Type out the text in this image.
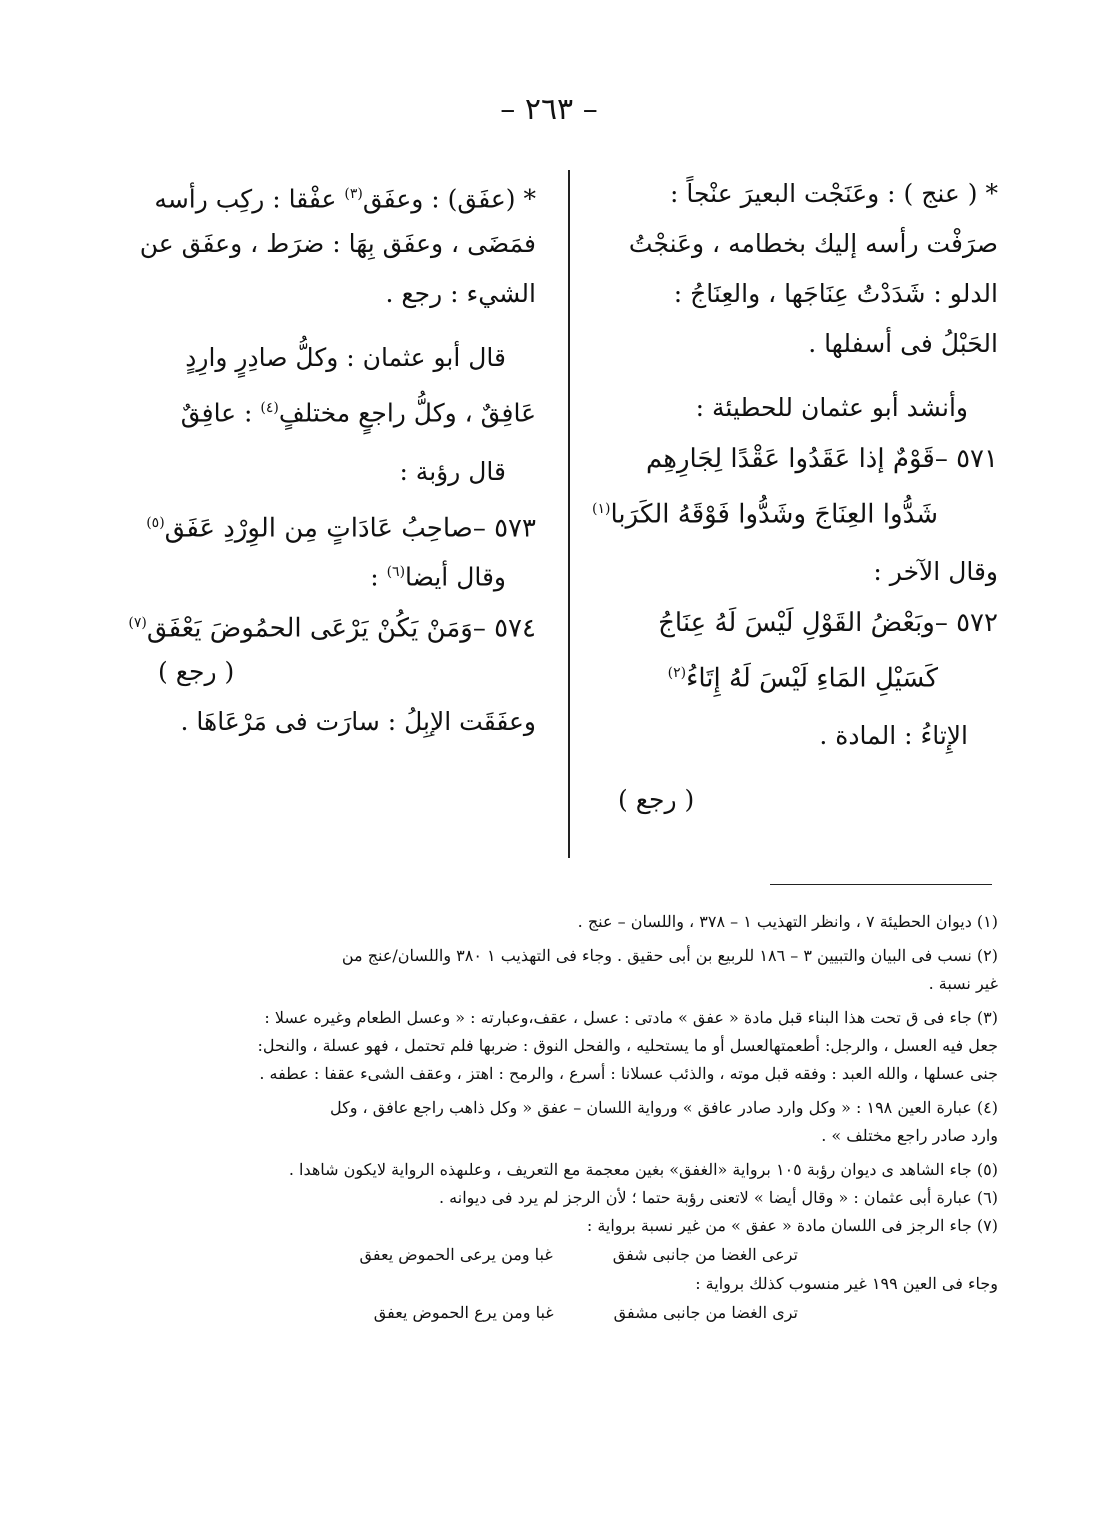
– ٢٦٣ –
* ( عنج ) : وعَنَجْت البعيرَ عنْجاً :
صرَفْت رأسه إليك بخطامه ، وعَنجْتُ
الدلو : شَدَدْتُ عِنَاجَها ، والعِنَاجُ :
الحَبْلُ فى أسفلها .
وأنشد أبو عثمان للحطيئة :
٥٧١ –قَوْمٌ إذا عَقَدُوا عَقْدًا لِجَارِهِم
شَدُّوا العِنَاجَ وشَدُّوا فَوْقَهُ الكَرَبا$^{(١)}$
وقال الآخر :
٥٧٢ –وبَعْضُ القَوْلِ لَيْسَ لَهُ عِنَاجُ
كَسَيْلِ المَاءِ لَيْسَ لَهُ إِتَاءُ$^{(٢)}$
الإِتاءُ : المادة .
( رجع )
* (عفَق) : وعفَق$^{(٣)}$ عفْقا : ركِب رأسه
فمَضَى ، وعفَق بِهَا : ضرَط ، وعفَق عن
الشيء : رجع .
قال أبو عثمان : وكلُّ صادِرٍ وارِدٍ
عَافِقٌ ، وكلُّ راجعٍ مختلفٍ$^{(٤)}$ : عافِقٌ
قال رؤبة :
٥٧٣ –صاحِبُ عَادَاتٍ مِن الوِرْدِ عَفَق$^{(٥)}$
وقال أيضا$^{(٦)}$ :
٥٧٤ –وَمَنْ يَكُنْ يَرْعَى الحمُوضَ يَعْفَق$^{(٧)}$
( رجع )
وعفَقَت الإبِلُ : سارَت فى مَرْعَاهَا .
(١) ديوان الحطيئة ٧ ، وانظر التهذيب ١ – ٣٧٨ ، واللسان – عنج .
(٢) نسب فى البيان والتبيين ٣ – ١٨٦ للربيع بن أبى حقيق . وجاء فى التهذيب ١ ٣٨٠ واللسان/عنج من
غير نسبة .
(٣) جاء فى ق تحت هذا البناء قبل مادة « عفق » مادتى : عسل ، عقف،وعبارته : « وعسل الطعام وغيره عسلا :
جعل فيه العسل ، والرجل: أطعمتهالعسل أو ما يستحليه ، والفحل النوق : ضربها فلم تحتمل ، فهو عسلة ، والنحل:
جنى عسلها ، والله العبد : وفقه قبل موته ، والذئب عسلانا : أسرع ، والرمح : اهتز ، وعقف الشىء عقفا : عطفه .
(٤) عبارة العين ١٩٨ : « وكل وارد صادر عافق » ورواية اللسان – عفق « وكل ذاهب راجع عافق ، وكل
وارد صادر راجع مختلف » .
(٥) جاء الشاهد ى ديوان رؤبة ١٠٥ برواية «الغفق» بغين معجمة مع التعريف ، وعلىهذه الرواية لايكون شاهدا .
(٦) عبارة أبى عثمان : « وقال أيضا » لاتعنى رؤبة حتما ؛ لأن الرجز لم يرد فى ديوانه .
(٧) جاء الرجز فى اللسان مادة « عفق » من غير نسبة برواية :
ترعى الغضا من جانبى شفقغبا ومن يرعى الحموض يعفق
وجاء فى العين ١٩٩ غير منسوب كذلك برواية :
ترى الغضا من جانبى مشفقغبا ومن يرع الحموض يعفق
